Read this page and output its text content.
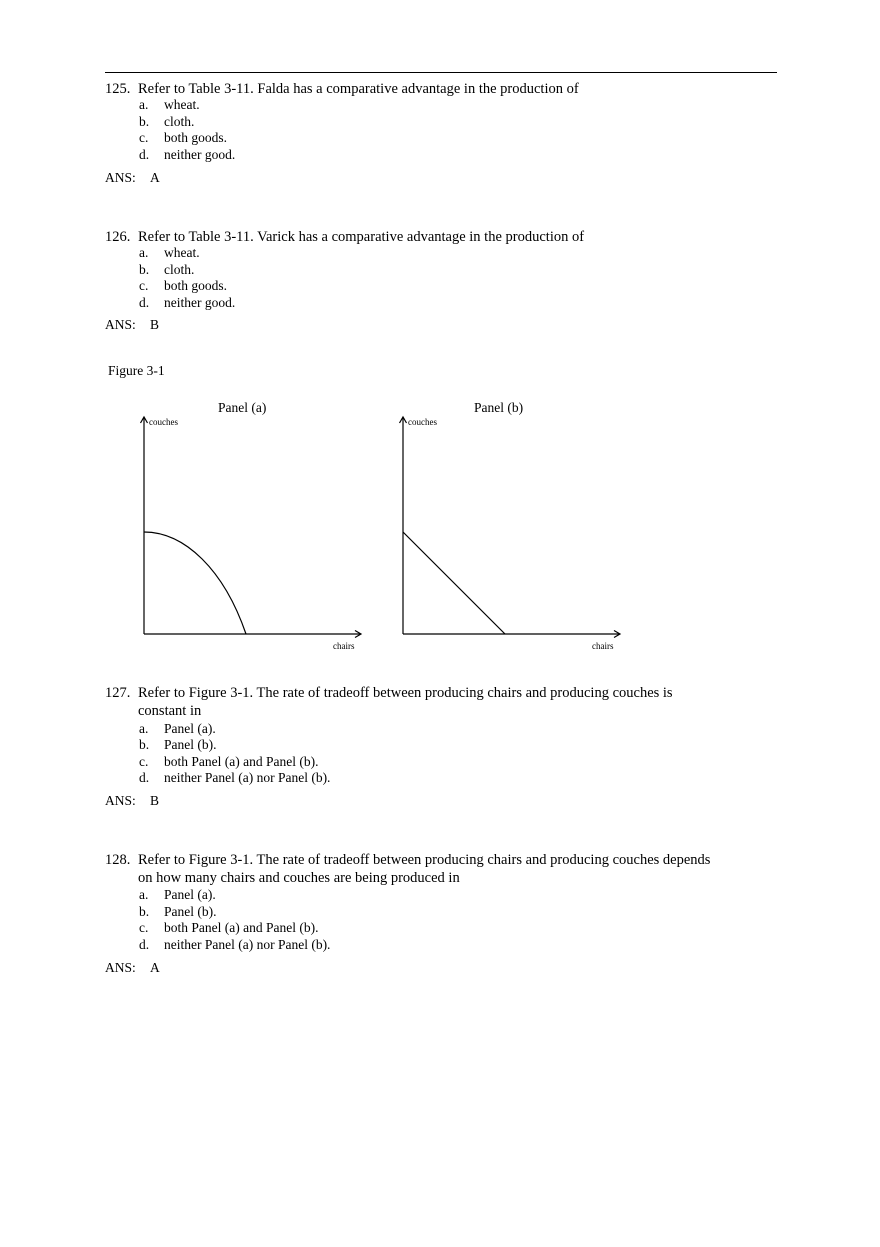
125. Refer to Table 3-11. Falda has a comparative advantage in the production of
a. wheat.
b. cloth.
c. both goods.
d. neither good.
ANS: A
126. Refer to Table 3-11. Varick has a comparative advantage in the production of
a. wheat.
b. cloth.
c. both goods.
d. neither good.
ANS: B
Figure 3-1
Panel (a)	Panel (b)
couches	couches
chairs	chairs
127. Refer to Figure 3-1. The rate of tradeoff between producing chairs and producing couches is
constant in
a. Panel (a).
b. Panel (b).
c. both Panel (a) and Panel (b).
d. neither Panel (a) nor Panel (b).
ANS: B
128. Refer to Figure 3-1. The rate of tradeoff between producing chairs and producing couches depends
on how many chairs and couches are being produced in
a. Panel (a).
b. Panel (b).
c. both Panel (a) and Panel (b).
d. neither Panel (a) nor Panel (b).
ANS: A
